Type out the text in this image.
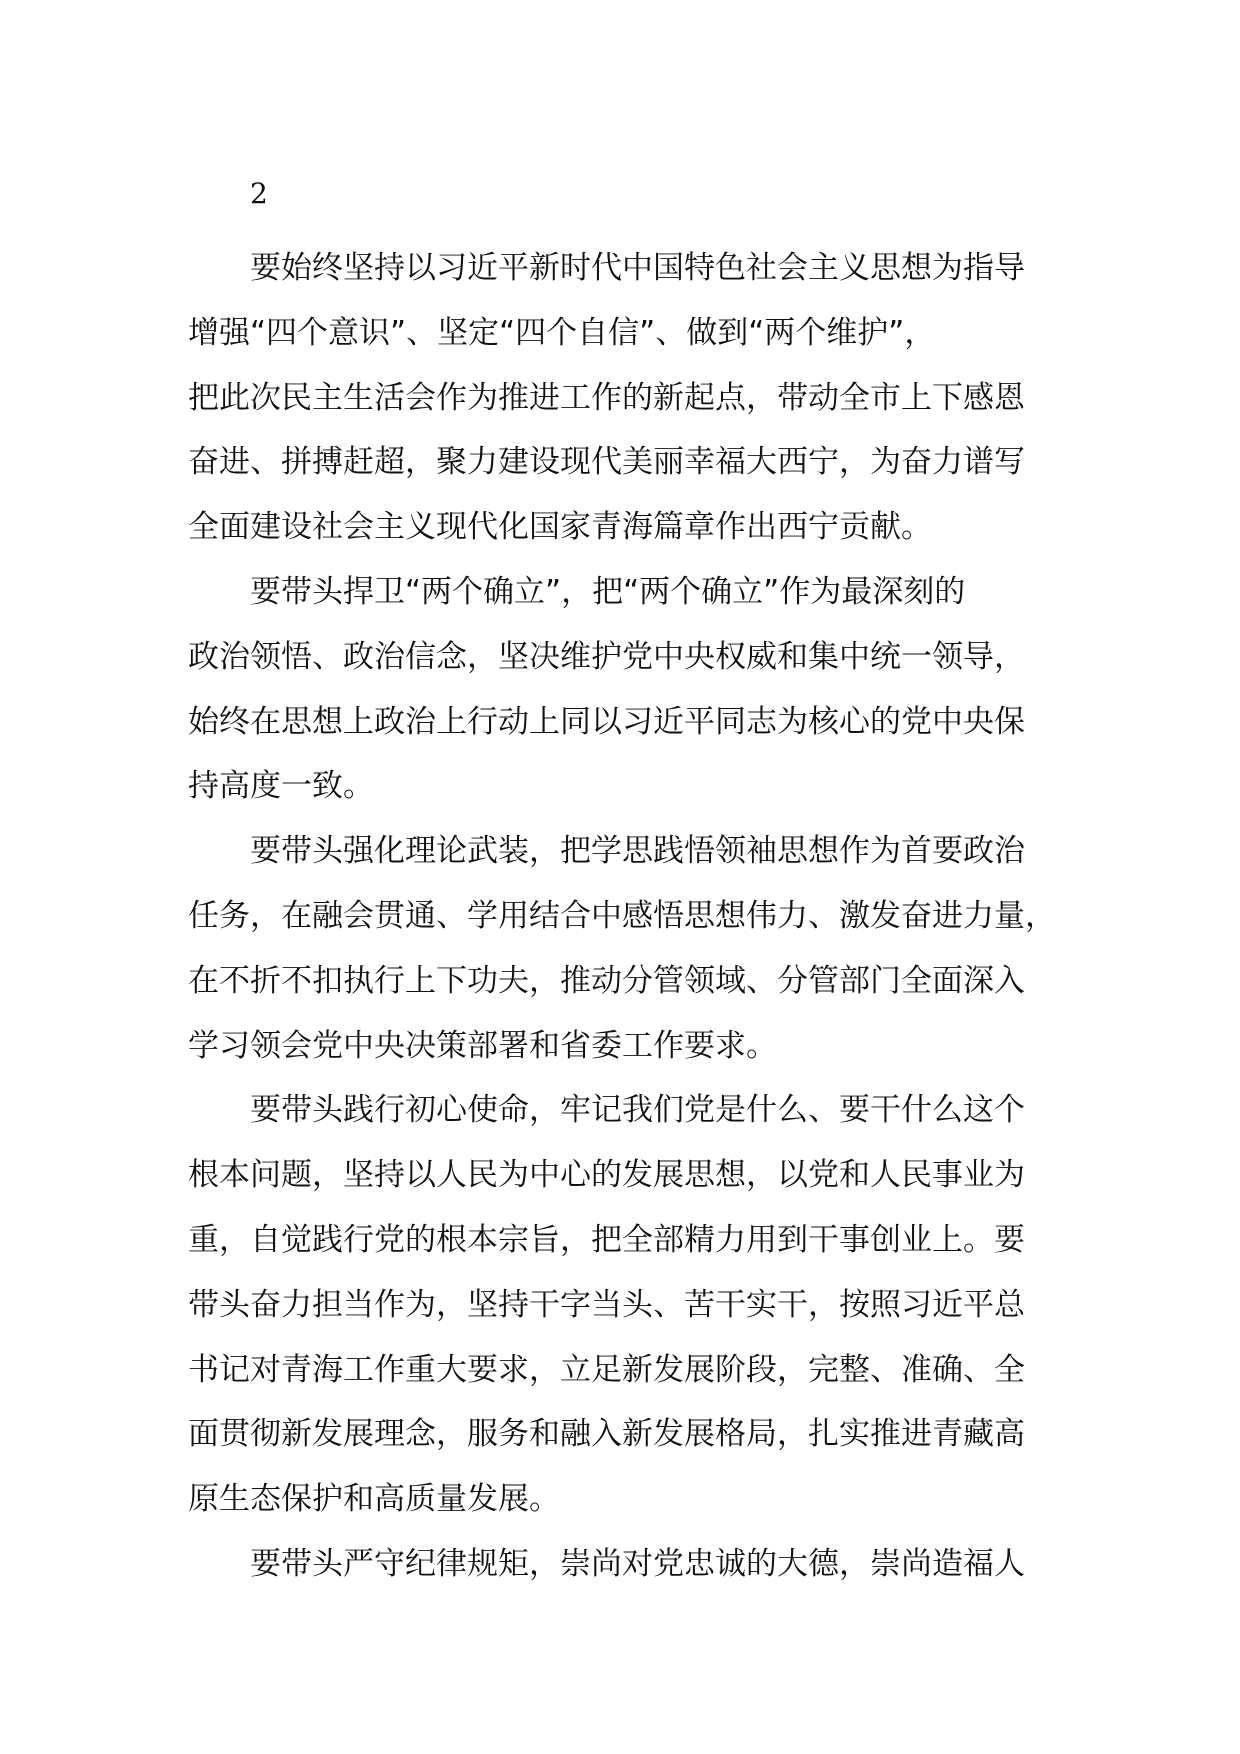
2

要始终坚持以习近平新时代中国特色社会主义思想为指导
增强“四个意识”、坚定“四个自信”、做到“两个维护”，
把此次民主生活会作为推进工作的新起点，带动全市上下感恩
奋进、拼搏赶超，聚力建设现代美丽幸福大西宁，为奋力谱写
全面建设社会主义现代化国家青海篇章作出西宁贡献。

要带头捍卫“两个确立”，把“两个确立”作为最深刻的
政治领悟、政治信念，坚决维护党中央权威和集中统一领导，
始终在思想上政治上行动上同以习近平同志为核心的党中央保
持高度一致。

要带头强化理论武装，把学思践悟领袖思想作为首要政治
任务，在融会贯通、学用结合中感悟思想伟力、激发奋进力量，
在不折不扣执行上下功夫，推动分管领域、分管部门全面深入
学习领会党中央决策部署和省委工作要求。

要带头践行初心使命，牢记我们党是什么、要干什么这个
根本问题，坚持以人民为中心的发展思想，以党和人民事业为
重，自觉践行党的根本宗旨，把全部精力用到干事创业上。要
带头奋力担当作为，坚持干字当头、苦干实干，按照习近平总
书记对青海工作重大要求，立足新发展阶段，完整、准确、全
面贯彻新发展理念，服务和融入新发展格局，扎实推进青藏高
原生态保护和高质量发展。

要带头严守纪律规矩，崇尚对党忠诚的大德，崇尚造福人
